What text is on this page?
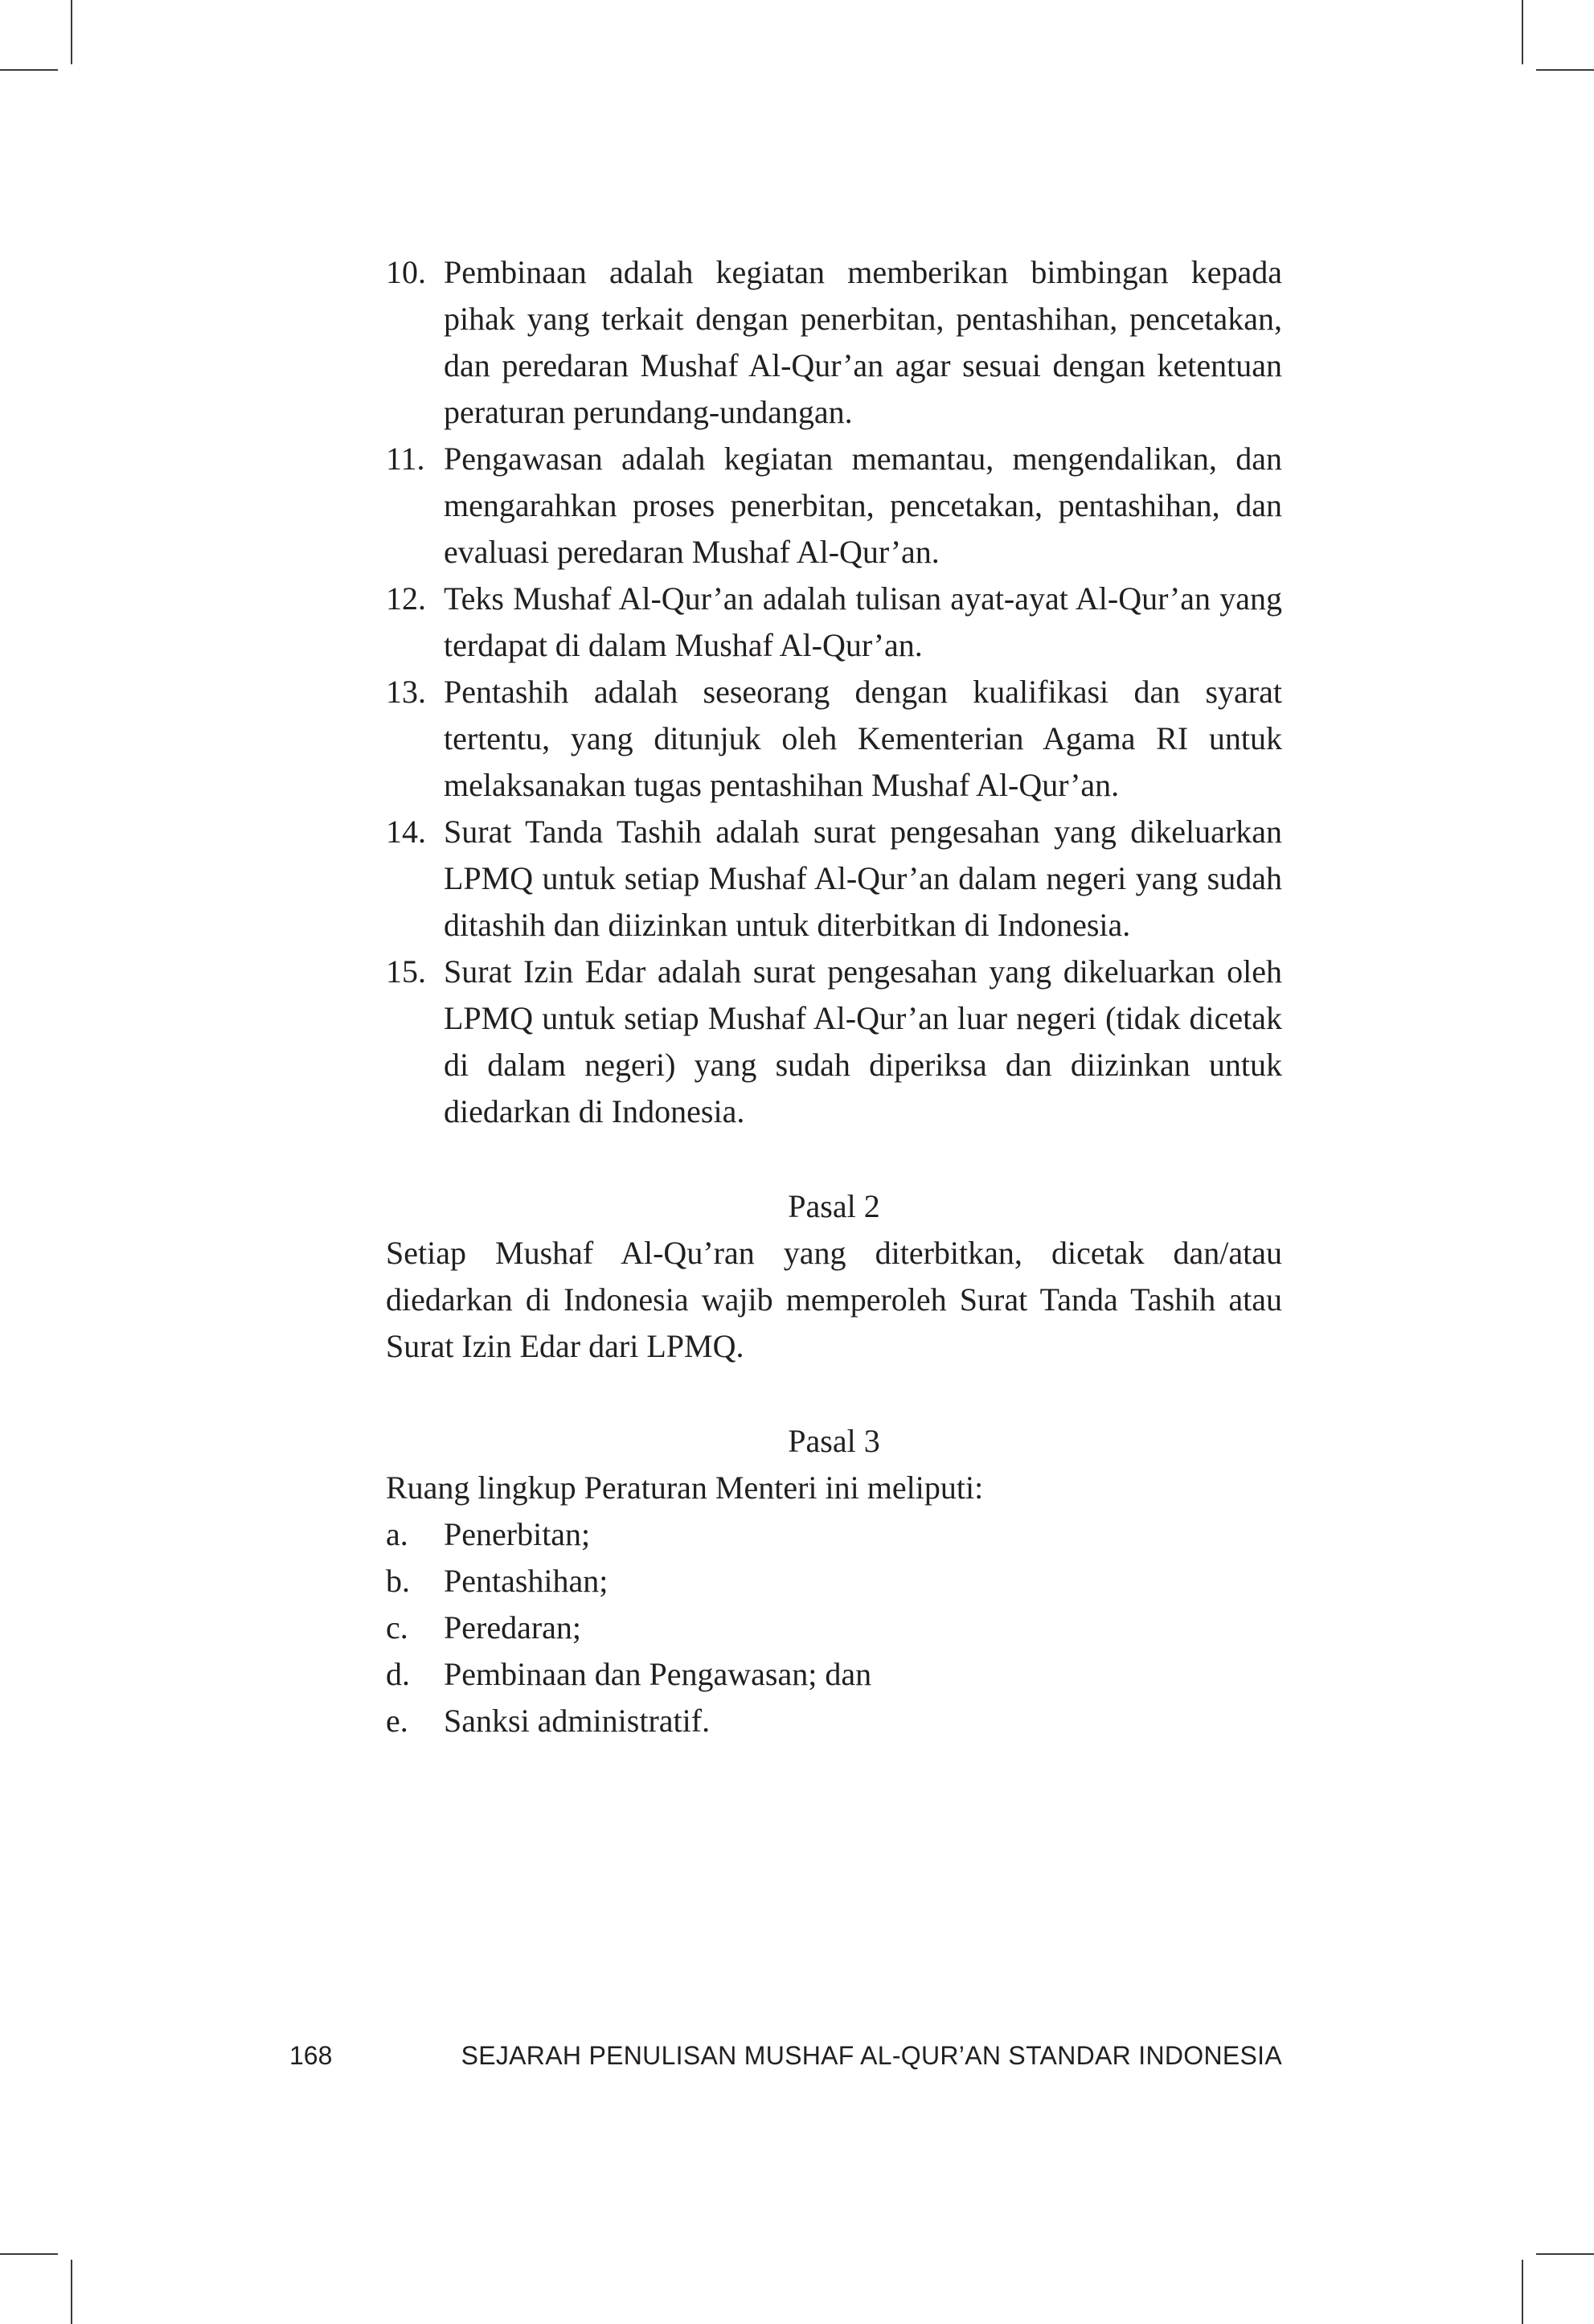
10. Pembinaan adalah kegiatan memberikan bimbingan kepada pihak yang terkait dengan penerbitan, pentashihan, pencetakan, dan peredaran Mushaf Al-Qur’an agar sesuai dengan ketentuan peraturan perundang-undangan.
11. Pengawasan adalah kegiatan memantau, mengendalikan, dan mengarahkan proses penerbitan, pencetakan, pentashihan, dan evaluasi peredaran Mushaf Al-Qur’an.
12. Teks Mushaf Al-Qur’an adalah tulisan ayat-ayat Al-Qur’an yang terdapat di dalam Mushaf Al-Qur’an.
13. Pentashih adalah seseorang dengan kualifikasi dan syarat tertentu, yang ditunjuk oleh Kementerian Agama RI untuk melaksanakan tugas pentashihan Mushaf Al-Qur’an.
14. Surat Tanda Tashih adalah surat pengesahan yang dikeluarkan LPMQ untuk setiap Mushaf Al-Qur’an dalam negeri yang sudah ditashih dan diizinkan untuk diterbitkan di Indonesia.
15. Surat Izin Edar adalah surat pengesahan yang dikeluarkan oleh LPMQ untuk setiap Mushaf Al-Qur’an luar negeri (tidak dicetak di dalam negeri) yang sudah diperiksa dan diizinkan untuk diedarkan di Indonesia.
Pasal 2

Setiap Mushaf Al-Qu’ran yang diterbitkan, dicetak dan/atau diedarkan di Indonesia wajib memperoleh Surat Tanda Tashih atau Surat Izin Edar dari LPMQ.

Pasal 3

Ruang lingkup Peraturan Menteri ini meliputi:

a. Penerbitan;
b. Pentashihan;
c. Peredaran;
d. Pembinaan dan Pengawasan; dan
e. Sanksi administratif.
168	SEJARAH PENULISAN MUSHAF AL-QUR’AN STANDAR INDONESIA
